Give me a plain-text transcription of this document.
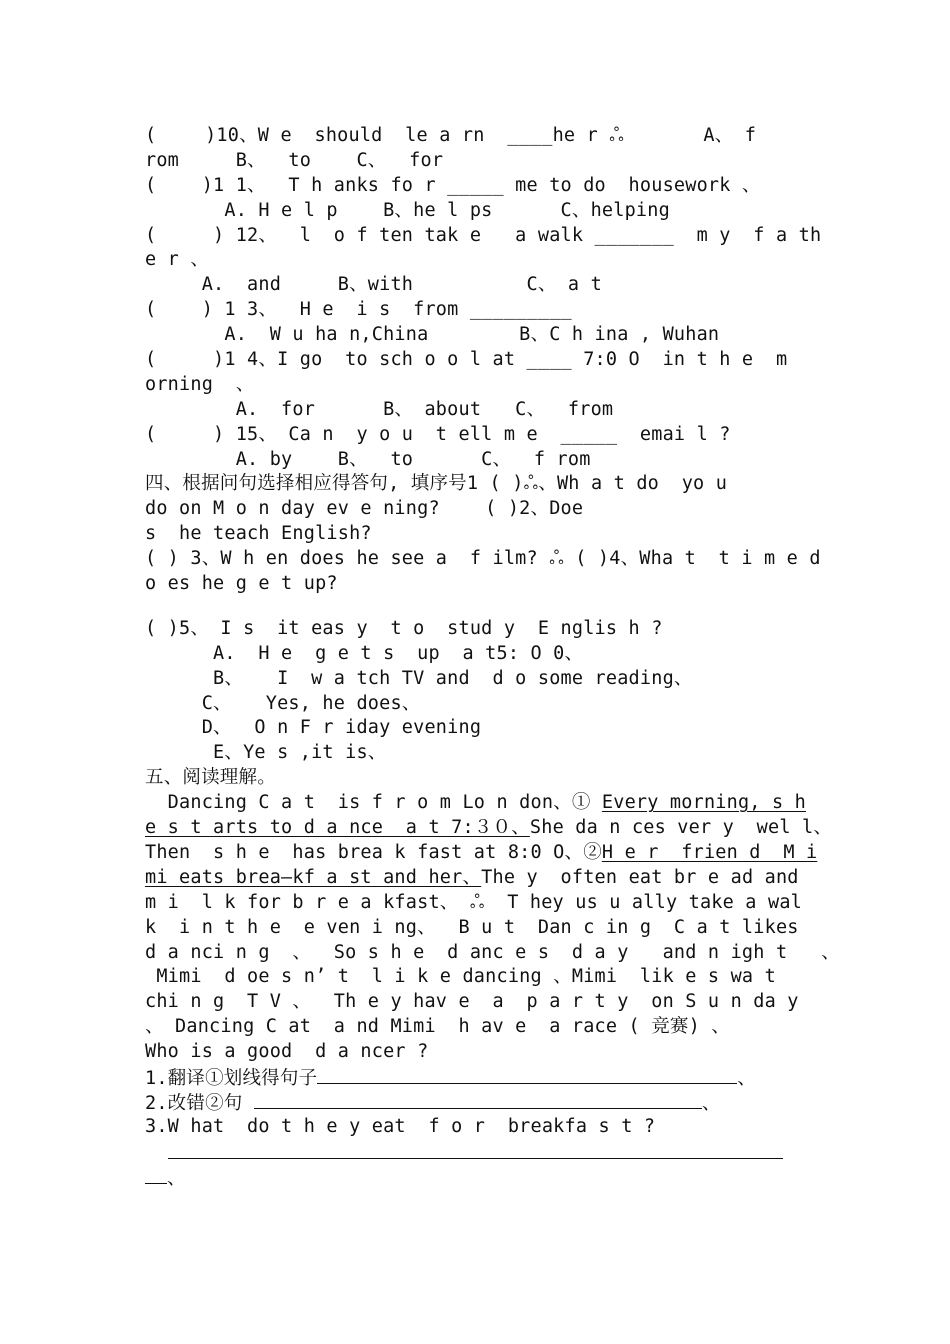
(　　 )10、W e  should  le a rn  ____he r ஃ       A、 f
rom     B、  to    C、  for
(    )1 1、  T h anks fo r _____ me to do  housework 、
A. H e l p    B、he l ps      C、helping
(     ) 12、  l  o f ten tak e   a walk _______  m y  f a th
e r 、
A.  and     B、with          C、 a t
(    ) 1 3、  H e  i s  from _________
A.  W u ha n,China        B、C h ina , Wuhan
(     )1 4、I go  to sch o o l at ____ 7:0 O  in t h e  m
orning  、
A.  for      B、 about   C、  from
(     ) 15、 Ca n  y o u  t ell m e  _____  emai l ?
A. by    B、  to      C、  f rom
四、根据问句选择相应得答句, 填序号1 ( )ஃ、Wh a t do  yo u
do on M o n day ev e ning?    ( )2、Doe
s  he teach English?
( ) 3、W h en does he see a  f ilm? ஃ ( )4、Wha t  t i m e d
o es he g e t up?
( )5、 I s  it eas y  t o  stud y  E nglis h ?
A.  H e  g e t s  up  a t5: O 0、
B、   I  w a tch TV and  d o some reading、
C、   Yes, he does、
D、  O n F r iday evening
E、Ye s ,it is、
五、阅读理解。
Dancing C a t  is f r o m Lo n don、① Every morning, s h
e s t arts to d a nce  a t 7:３０、She da n ces ver y  wel l、
Then  s h e  has brea k fast at 8:0 O、②H e r  frien d  M i
mi eats brea—kf a st and her、The y  often eat br e ad and
m i  l k for b r e a kfast、 ஃ  T hey us u ally take a wal
k  i n t h e  e ven i ng、  B u t  Dan c in g  C a t likes
d a nci n g  、  So s h e  d anc e s  d a y   and n igh t   、
Mimi  d oe s n’ t  l i k e dancing 、Mimi  lik e s wa t
chi n g  T V 、  Th e y hav e  a  p a r t y  on S u n da y
、 Dancing C at  a nd Mimi  h av e  a race ( 竞赛) 、
Who is a good  d a ncer ?
1.翻译①划线得句子	、
2.改错②句	、
3.W hat  do t h e y eat  f o r  breakfa s t ?

、
